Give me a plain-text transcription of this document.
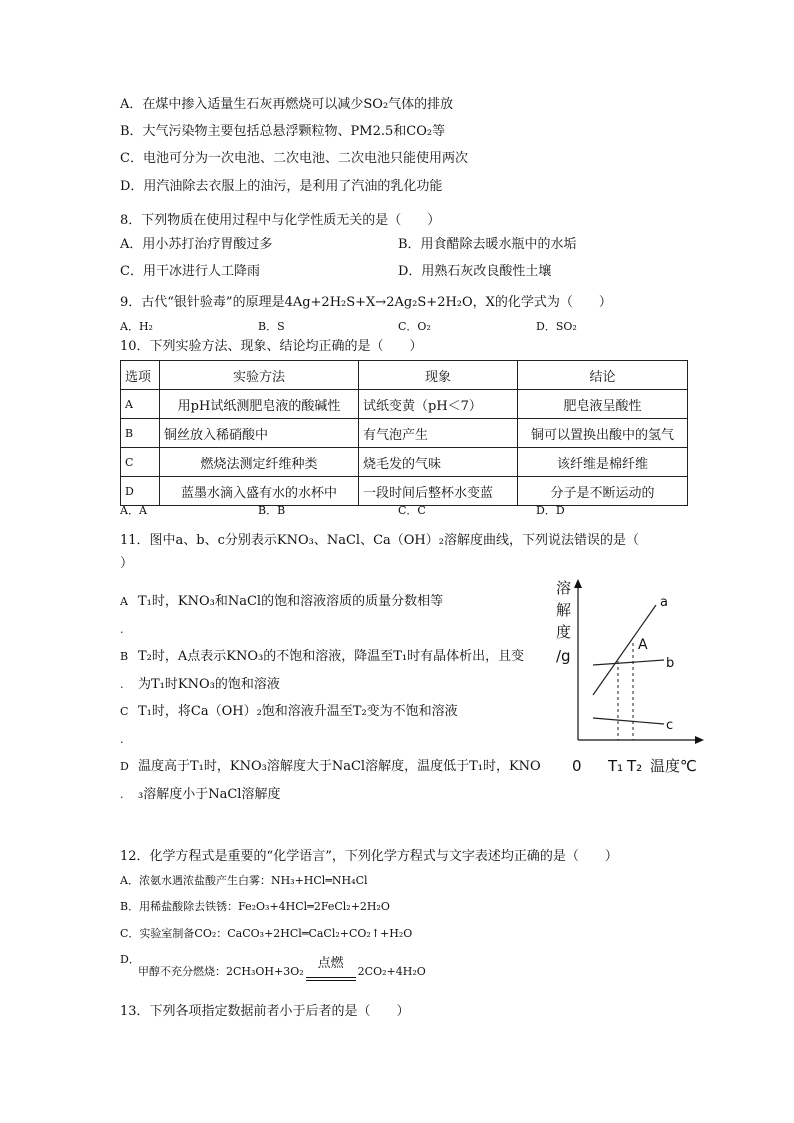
A．在煤中掺入适量生石灰再燃烧可以减少SO₂气体的排放
B．大气污染物主要包括总悬浮颗粒物、PM2.5和CO₂等
C．电池可分为一次电池、二次电池、二次电池只能使用两次
D．用汽油除去衣服上的油污，是利用了汽油的乳化功能
8．下列物质在使用过程中与化学性质无关的是（　　）
A．用小苏打治疗胃酸过多	B．用食醋除去暖水瓶中的水垢
C．用干冰进行人工降雨	D．用熟石灰改良酸性土壤
9．古代“银针验毒”的原理是4Ag+2H₂S+X→2Ag₂S+2H₂O，X的化学式为（　　）
A．H₂	B．S	C．O₂	D．SO₂
10．下列实验方法、现象、结论均正确的是（　　）
选项	实验方法	现象	结论
A	用pH试纸测肥皂液的酸碱性	试纸变黄（pH＜7）	肥皂液呈酸性
B	铜丝放入稀硝酸中	有气泡产生	铜可以置换出酸中的氢气
C	燃烧法测定纤维种类	烧毛发的气味	该纤维是棉纤维
D	蓝墨水滴入盛有水的水杯中	一段时间后整杯水变蓝	分子是不断运动的
A．A	B．B	C．C	D．D
11．图中a、b、c分别表示KNO₃、NaCl、Ca（OH）₂溶解度曲线，下列说法错误的是（
）
A T₁时，KNO₃和NaCl的饱和溶液溶质的质量分数相等
.
B T₂时，A点表示KNO₃的不饱和溶液，降温至T₁时有晶体析出，且变
. 为T₁时KNO₃的饱和溶液
C T₁时，将Ca（OH）₂饱和溶液升温至T₂变为不饱和溶液
.
D 温度高于T₁时，KNO₃溶解度大于NaCl溶解度，温度低于T₁时，KNO
. ₃溶解度小于NaCl溶解度
溶
解
度
/g
a
b
c
A
0 T₁ T₂ 温度℃
12．化学方程式是重要的“化学语言”，下列化学方程式与文字表述均正确的是（　　）
A．浓氨水遇浓盐酸产生白雾：NH₃+HCl═NH₄Cl
B．用稀盐酸除去铁锈：Fe₂O₃+4HCl═2FeCl₂+2H₂O
C．实验室制备CO₂：CaCO₃+2HCl═CaCl₂+CO₂↑+H₂O
D．
甲醇不充分燃烧：2CH₃OH+3O₂
点燃
2CO₂+4H₂O
13．下列各项指定数据前者小于后者的是（　　）
